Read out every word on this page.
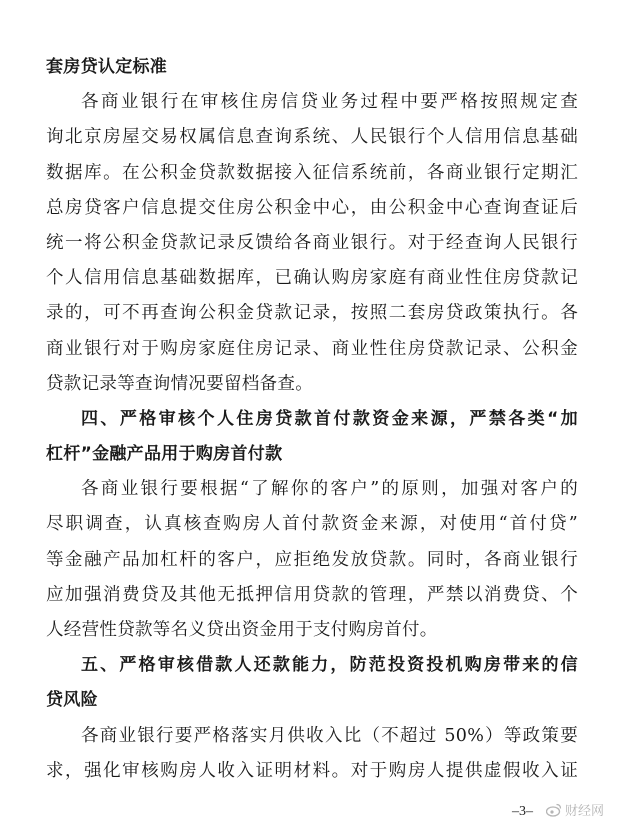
套房贷认定标准
各商业银行在审核住房信贷业务过程中要严格按照规定查
询北京房屋交易权属信息查询系统、人民银行个人信用信息基础
数据库。在公积金贷款数据接入征信系统前，各商业银行定期汇
总房贷客户信息提交住房公积金中心，由公积金中心查询查证后
统一将公积金贷款记录反馈给各商业银行。对于经查询人民银行
个人信用信息基础数据库，已确认购房家庭有商业性住房贷款记
录的，可不再查询公积金贷款记录，按照二套房贷政策执行。各
商业银行对于购房家庭住房记录、商业性住房贷款记录、公积金
贷款记录等查询情况要留档备查。
四、严格审核个人住房贷款首付款资金来源，严禁各类“加
杠杆”金融产品用于购房首付款
各商业银行要根据“了解你的客户”的原则，加强对客户的
尽职调查，认真核查购房人首付款资金来源，对使用“首付贷”
等金融产品加杠杆的客户，应拒绝发放贷款。同时，各商业银行
应加强消费贷及其他无抵押信用贷款的管理，严禁以消费贷、个
人经营性贷款等名义贷出资金用于支付购房首付。
五、严格审核借款人还款能力，防范投资投机购房带来的信
贷风险
各商业银行要严格落实月供收入比（不超过 50%）等政策要
求，强化审核购房人收入证明材料。对于购房人提供虚假收入证
–3– 财经网
